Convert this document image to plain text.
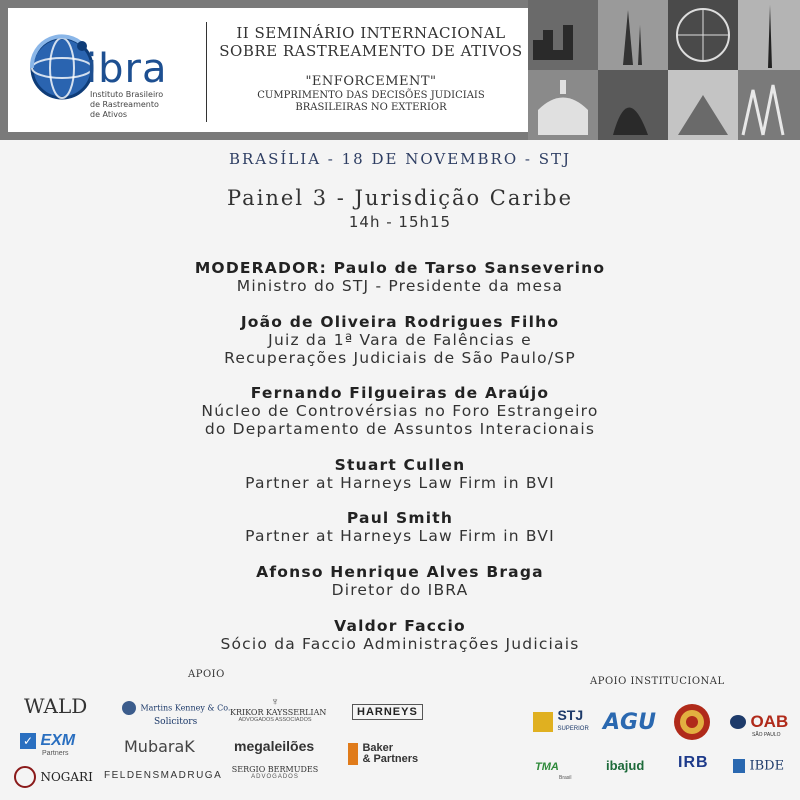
ibra
Instituto Brasileiro
de Rastreamento
de Ativos
II SEMINÁRIO INTERNACIONAL
SOBRE RASTREAMENTO DE ATIVOS
"ENFORCEMENT"
CUMPRIMENTO DAS DECISÕES JUDICIAIS
BRASILEIRAS NO EXTERIOR
BRASÍLIA - 18 DE NOVEMBRO - STJ
Painel 3 - Jurisdição Caribe
14h - 15h15
MODERADOR: Paulo de Tarso Sanseverino
Ministro do STJ - Presidente da mesa
João de Oliveira Rodrigues Filho
Juiz da 1ª Vara de Falências e
Recuperações Judiciais de São Paulo/SP
Fernando Filgueiras de Araújo
Núcleo de Controvérsias no Foro Estrangeiro
do Departamento de Assuntos Interacionais
Stuart Cullen
Partner at Harneys Law Firm in BVI
Paul Smith
Partner at Harneys Law Firm in BVI
Afonso Henrique Alves Braga
Diretor do IBRA
Valdor Faccio
Sócio da Faccio Administrações Judiciais
APOIO
APOIO INSTITUCIONAL
WALD
✓ EXM
Partners
NOGARI
Martins Kenney & Co.
Solicitors
MubaraK
FELDENSMADRUGA
♆
KRIKOR KAYSSERLIAN
ADVOGADOS ASSOCIADOS
megaleilões
SERGIO BERMUDES
ADVOGADOS
HARNEYS
Baker
& Partners
STJ
SUPERIOR AGU	OAB
SÃO PAULO
TMA
Brasil
ibajud IRB	IBDE
